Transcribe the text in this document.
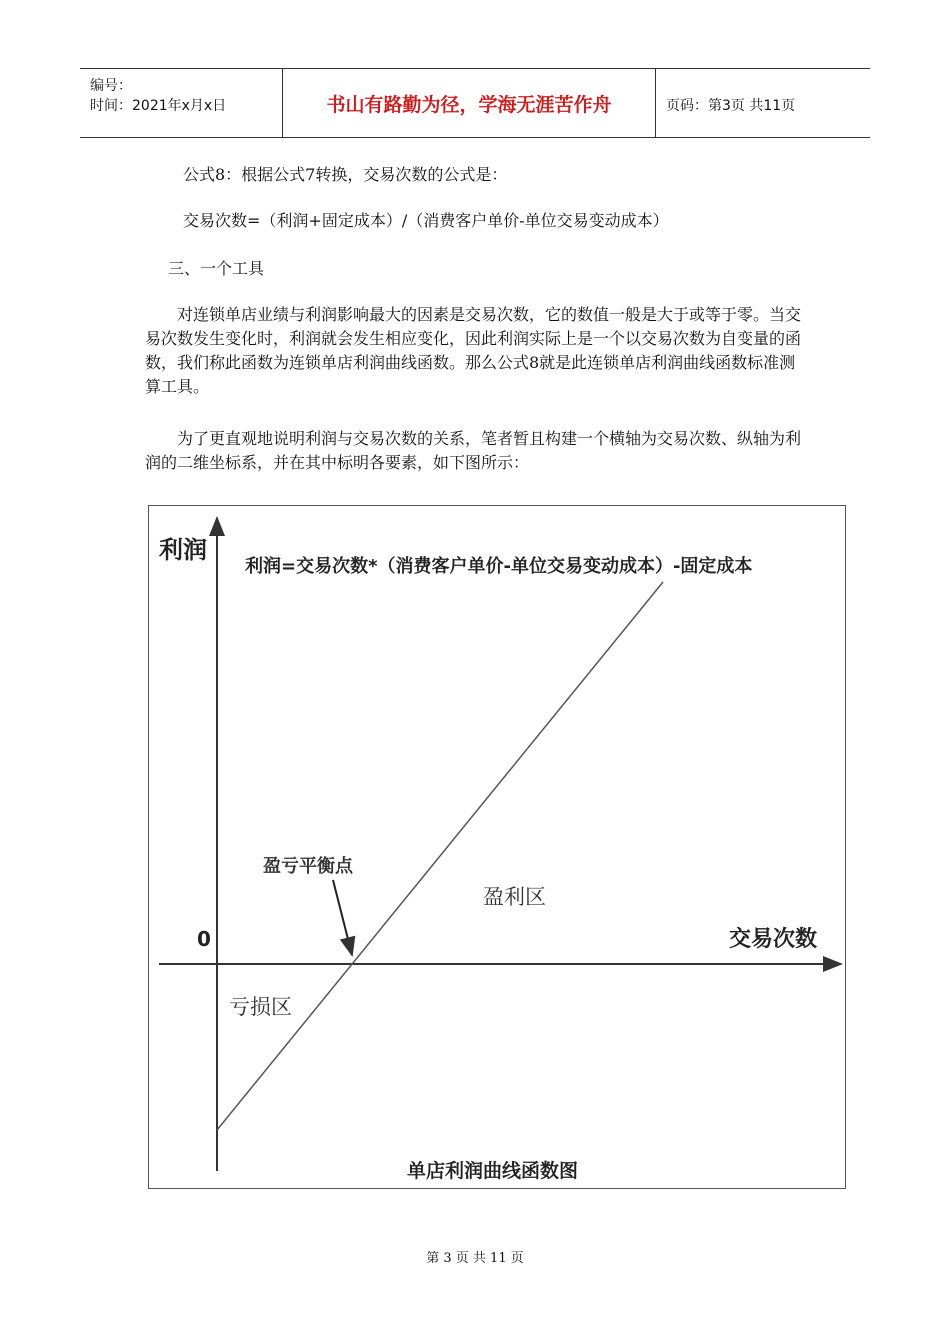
编号：
时间：2021年x月x日	书山有路勤为径，学海无涯苦作舟	页码：第3页 共11页

公式8：根据公式7转换，交易次数的公式是：

交易次数=（利润+固定成本）/（消费客户单价-单位交易变动成本）

三、一个工具

对连锁单店业绩与利润影响最大的因素是交易次数，它的数值一般是大于或等于零。当交易次数发生变化时，利润就会发生相应变化，因此利润实际上是一个以交易次数为自变量的函数，我们称此函数为连锁单店利润曲线函数。那么公式8就是此连锁单店利润曲线函数标准测算工具。

为了更直观地说明利润与交易次数的关系，笔者暂且构建一个横轴为交易次数、纵轴为利润的二维坐标系，并在其中标明各要素，如下图所示：

利润
利润=交易次数*（消费客户单价-单位交易变动成本）-固定成本
盈亏平衡点
盈利区
0	交易次数
亏损区
单店利润曲线函数图
第 3 页 共 11 页
